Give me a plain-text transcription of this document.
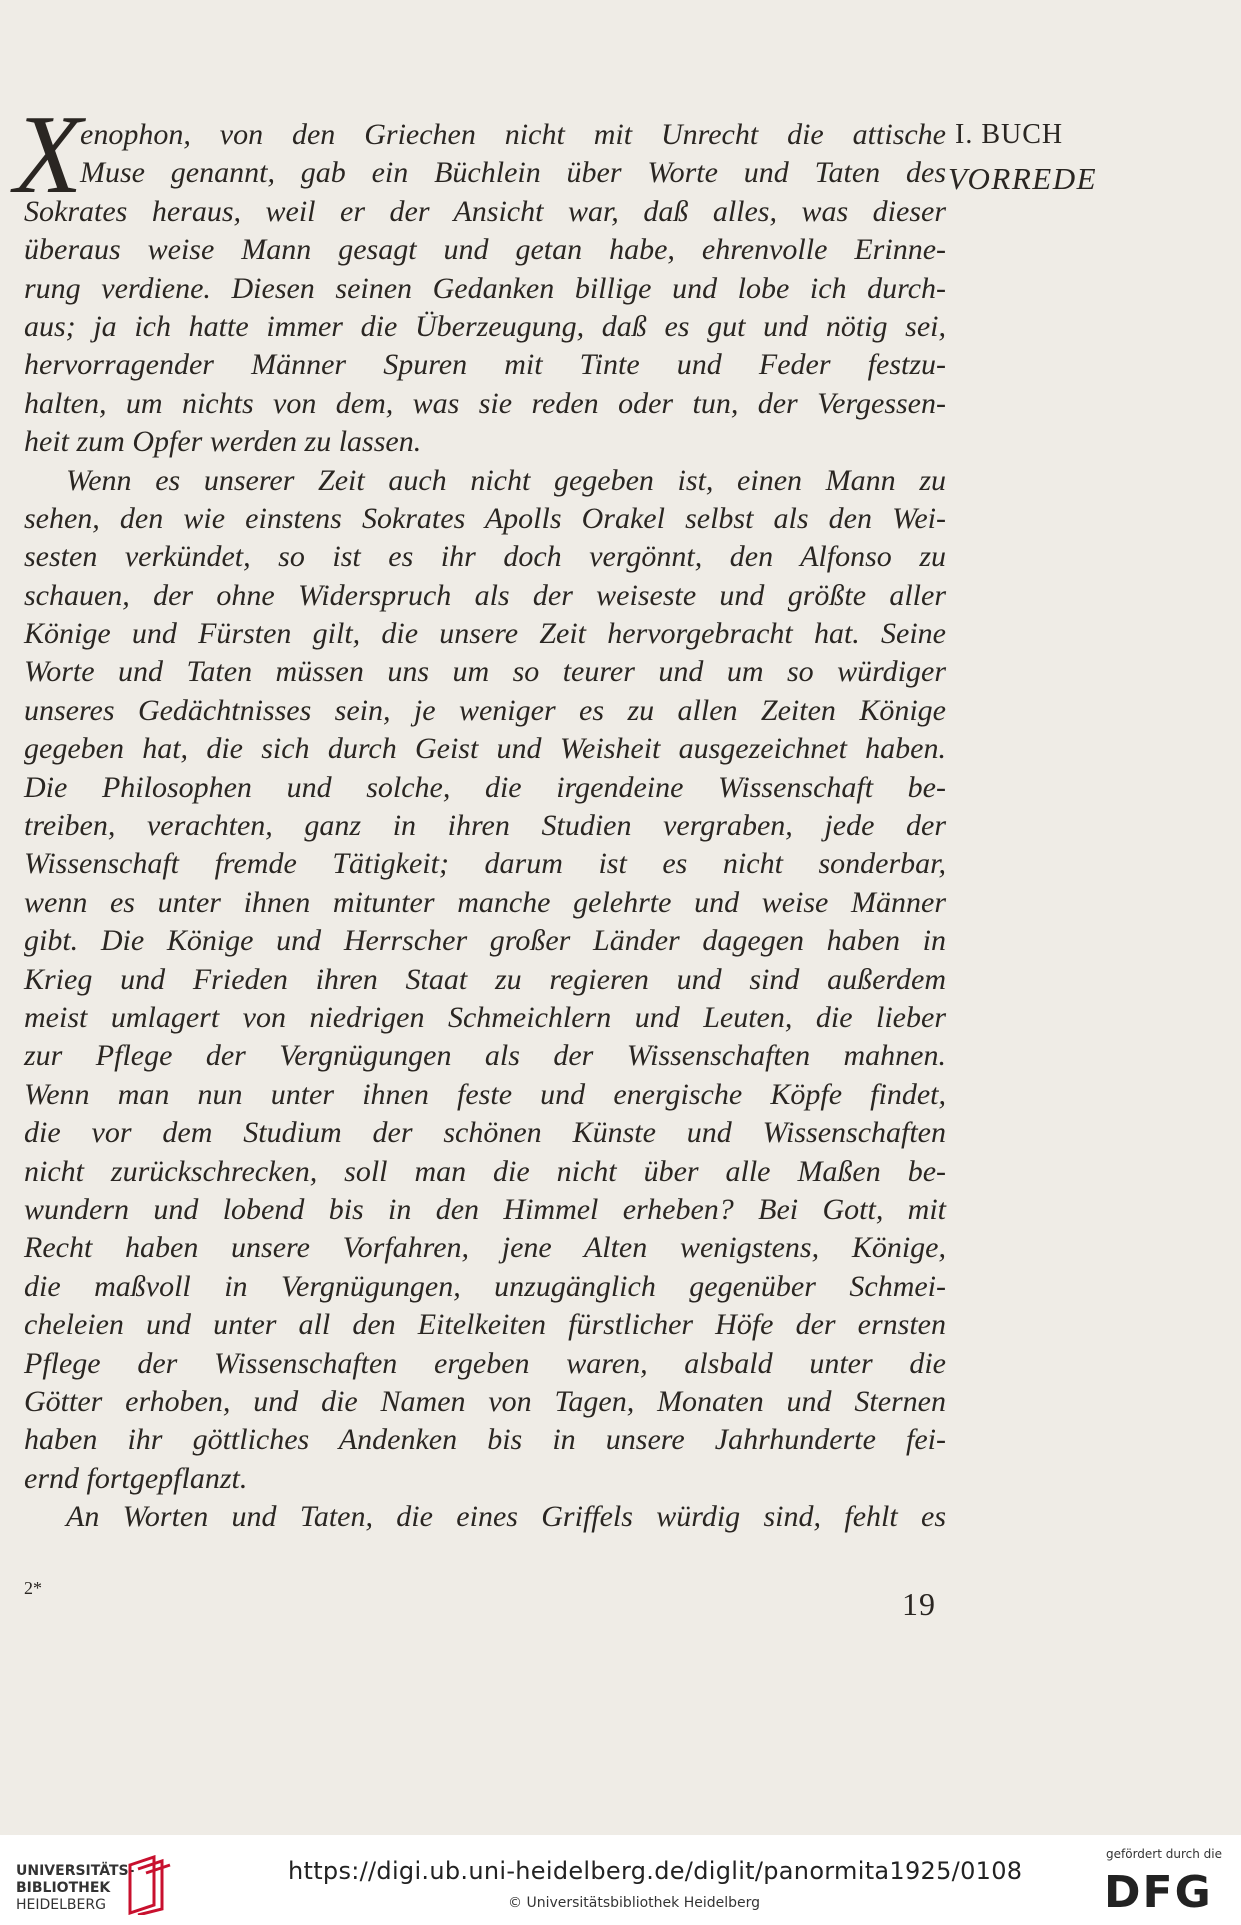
X	I. BUCH
VORREDE
enophon, von den Griechen nicht mit Unrecht die attische
Muse genannt, gab ein Büchlein über Worte und Taten des
Sokrates heraus, weil er der Ansicht war, daß alles, was dieser
überaus weise Mann gesagt und getan habe, ehrenvolle Erinne-
rung verdiene. Diesen seinen Gedanken billige und lobe ich durch-
aus; ja ich hatte immer die Überzeugung, daß es gut und nötig sei,
hervorragender Männer Spuren mit Tinte und Feder festzu-
halten, um nichts von dem, was sie reden oder tun, der Vergessen-
heit zum Opfer werden zu lassen.
Wenn es unserer Zeit auch nicht gegeben ist, einen Mann zu
sehen, den wie einstens Sokrates Apolls Orakel selbst als den Wei-
sesten verkündet, so ist es ihr doch vergönnt, den Alfonso zu
schauen, der ohne Widerspruch als der weiseste und größte aller
Könige und Fürsten gilt, die unsere Zeit hervorgebracht hat. Seine
Worte und Taten müssen uns um so teurer und um so würdiger
unseres Gedächtnisses sein, je weniger es zu allen Zeiten Könige
gegeben hat, die sich durch Geist und Weisheit ausgezeichnet haben.
Die Philosophen und solche, die irgendeine Wissenschaft be-
treiben, verachten, ganz in ihren Studien vergraben, jede der
Wissenschaft fremde Tätigkeit; darum ist es nicht sonderbar,
wenn es unter ihnen mitunter manche gelehrte und weise Männer
gibt. Die Könige und Herrscher großer Länder dagegen haben in
Krieg und Frieden ihren Staat zu regieren und sind außerdem
meist umlagert von niedrigen Schmeichlern und Leuten, die lieber
zur Pflege der Vergnügungen als der Wissenschaften mahnen.
Wenn man nun unter ihnen feste und energische Köpfe findet,
die vor dem Studium der schönen Künste und Wissenschaften
nicht zurückschrecken, soll man die nicht über alle Maßen be-
wundern und lobend bis in den Himmel erheben? Bei Gott, mit
Recht haben unsere Vorfahren, jene Alten wenigstens, Könige,
die maßvoll in Vergnügungen, unzugänglich gegenüber Schmei-
cheleien und unter all den Eitelkeiten fürstlicher Höfe der ernsten
Pflege der Wissenschaften ergeben waren, alsbald unter die
Götter erhoben, und die Namen von Tagen, Monaten und Sternen
haben ihr göttliches Andenken bis in unsere Jahrhunderte fei-
ernd fortgepflanzt.
An Worten und Taten, die eines Griffels würdig sind, fehlt es
2*	19
UNIVERSITÄTS-
BIBLIOTHEK
HEIDELBERG
https://digi.ub.uni-heidelberg.de/diglit/panormita1925/0108
© Universitätsbibliothek Heidelberg
gefördert durch die
DFG
